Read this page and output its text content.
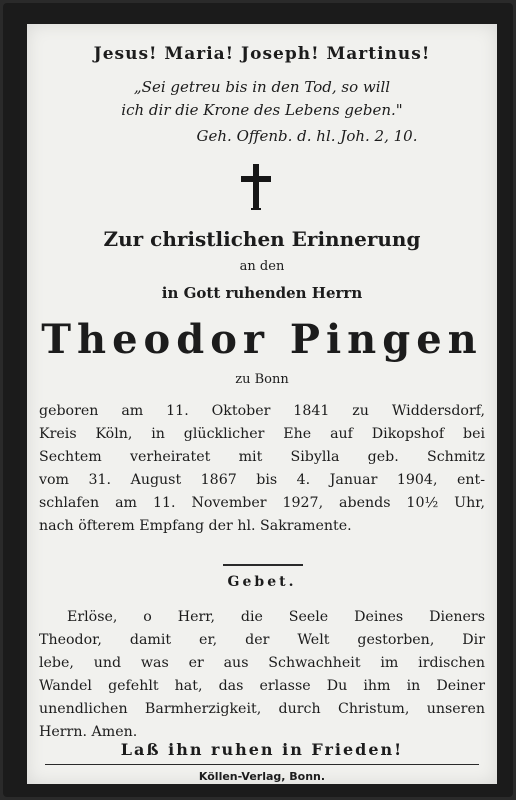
Jesus! Maria! Joseph! Martinus!
„Sei getreu bis in den Tod, so will
ich dir die Krone des Lebens geben."
Geh. Offenb. d. hl. Joh. 2, 10.
Zur christlichen Erinnerung
an den
in Gott ruhenden Herrn
Theodor Pingen
zu Bonn
geboren am 11. Oktober 1841 zu Widdersdorf,
Kreis Köln, in glücklicher Ehe auf Dikopshof bei
Sechtem verheiratet mit Sibylla geb. Schmitz
vom 31. August 1867 bis 4. Januar 1904, ent-
schlafen am 11. November 1927, abends 10½ Uhr,
nach öfterem Empfang der hl. Sakramente.
Gebet.
Erlöse, o Herr, die Seele Deines Dieners
Theodor, damit er, der Welt gestorben, Dir
lebe, und was er aus Schwachheit im irdischen
Wandel gefehlt hat, das erlasse Du ihm in Deiner
unendlichen Barmherzigkeit, durch Christum, unseren
Herrn. Amen.
Laß ihn ruhen in Frieden!
Köllen-Verlag, Bonn.
